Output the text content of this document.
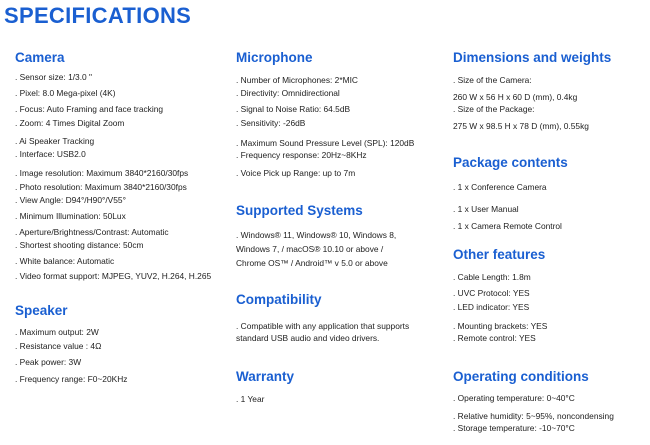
SPECIFICATIONS
Camera
. Sensor size: 1/3.0 "
. Pixel: 8.0 Mega-pixel (4K)
. Focus: Auto Framing and face tracking
. Zoom: 4 Times Digital Zoom
. Ai Speaker Tracking
. Interface: USB2.0
. Image resolution: Maximum 3840*2160/30fps
. Photo resolution: Maximum 3840*2160/30fps
. View Angle: D94°/H90°/V55°
. Minimum Illumination: 50Lux
. Aperture/Brightness/Contrast: Automatic
. Shortest shooting distance: 50cm
. White balance: Automatic
. Video format support: MJPEG, YUV2, H.264, H.265
Speaker
. Maximum output: 2W
. Resistance value : 4Ω
. Peak power: 3W
. Frequency range: F0~20KHz
Microphone
. Number of Microphones: 2*MIC
. Directivity: Omnidirectional
. Signal to Noise Ratio: 64.5dB
. Sensitivity: -26dB
. Maximum Sound Pressure Level (SPL): 120dB
. Frequency response: 20Hz~8KHz
. Voice Pick up Range: up to 7m
Supported Systems
. Windows® 11, Windows® 10, Windows 8,
Windows 7, / macOS® 10.10 or above /
Chrome OS™ / Android™ v 5.0 or above
Compatibility
. Compatible with any application that supports
standard USB audio and video drivers.
Warranty
. 1 Year
Dimensions and weights
. Size of the Camera:
260 W x 56 H x 60 D (mm), 0.4kg
. Size of the Package:
275 W x 98.5 H x 78 D (mm), 0.55kg
Package contents
. 1 x Conference Camera
. 1 x User Manual
. 1 x Camera Remote Control
Other features
. Cable Length: 1.8m
. UVC Protocol: YES
. LED indicator: YES
. Mounting brackets: YES
. Remote control: YES
Operating conditions
. Operating temperature: 0~40°C
. Relative humidity: 5~95%, noncondensing
. Storage temperature: -10~70°C
